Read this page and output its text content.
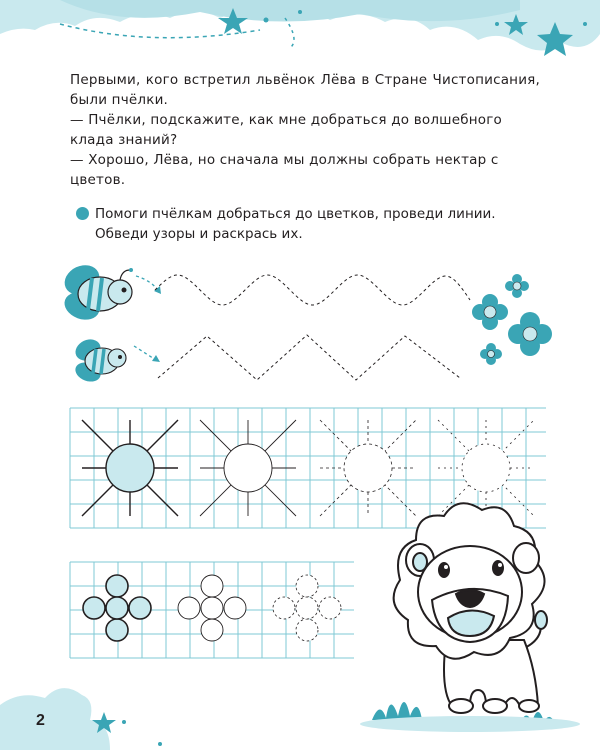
Первыми, кого встретил львёнок Лёва в Стране Чистописания, были пчёлки.

— Пчёлки, подскажите, как мне добраться до волшебного клада знаний?

— Хорошо, Лёва, но сначала мы должны собрать нектар с цветов.

Помоги пчёлкам добраться до цветков, проведи линии. Обведи узоры и раскрась их.
2
